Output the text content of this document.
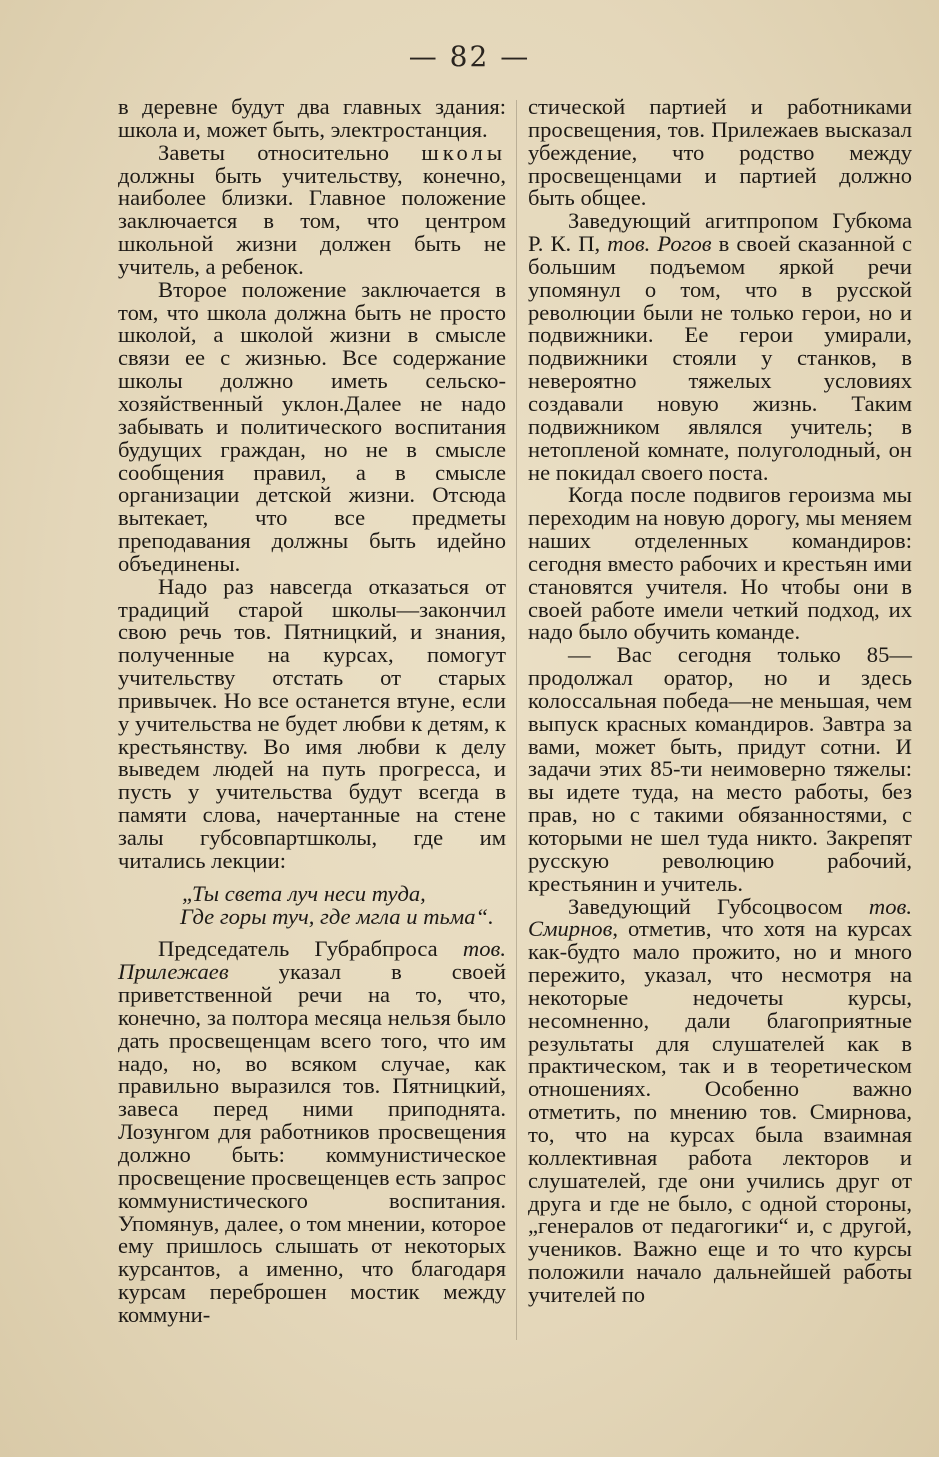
— 82 —

в деревне будут два главных здания: школа и, может быть, электростанция.

Заветы относительно школы должны быть учительству, конечно, наиболее близки. Главное положение заключается в том, что центром школьной жизни должен быть не учитель, а ребенок.

Второе положение заключается в том, что школа должна быть не просто школой, а школой жизни в смысле связи ее с жизнью. Все содержание школы должно иметь сельско-хозяйственный уклон.Далее не надо забывать и политического воспитания будущих граждан, но не в смысле сообщения правил, а в смысле организации детской жизни. Отсюда вытекает, что все предметы преподавания должны быть идейно объединены.

Надо раз навсегда отказаться от традиций старой школы—закончил свою речь тов. Пятницкий, и знания, полученные на курсах, помогут учительству отстать от старых привычек. Но все останется втуне, если у учительства не будет любви к детям, к крестьянству. Во имя любви к делу выведем людей на путь прогресса, и пусть у учительства будут всегда в памяти слова, начертанные на стене залы губсовпартшколы, где им читались лекции:

„Ты света луч неси туда,
Где горы туч, где мгла и тьма“.

Председатель Губрабпроса тов. Прилежаев указал в своей приветственной речи на то, что, конечно, за полтора месяца нельзя было дать просвещенцам всего того, что им надо, но, во всяком случае, как правильно выразился тов. Пятницкий, завеса перед ними приподнята. Лозунгом для работников просвещения должно быть: коммунистическое просвещение просвещенцев есть запрос коммунистического воспитания. Упомянув, далее, о том мнении, которое ему пришлось слышать от некоторых курсантов, а именно, что благодаря курсам переброшен мостик между коммуни-

стической партией и работниками просвещения, тов. Прилежаев высказал убеждение, что родство между просвещенцами и партией должно быть общее.

Заведующий агитпропом Губкома Р. К. П, тов. Рогов в своей сказанной с большим подъемом яркой речи упомянул о том, что в русской революции были не только герои, но и подвижники. Ее герои умирали, подвижники стояли у станков, в невероятно тяжелых условиях создавали новую жизнь. Таким подвижником являлся учитель; в нетопленой комнате, полуголодный, он не покидал своего поста.

Когда после подвигов героизма мы переходим на новую дорогу, мы меняем наших отделенных командиров: сегодня вместо рабочих и крестьян ими становятся учителя. Но чтобы они в своей работе имели четкий подход, их надо было обучить команде.

— Вас сегодня только 85—продолжал оратор, но и здесь колоссальная победа—не меньшая, чем выпуск красных командиров. Завтра за вами, может быть, придут сотни. И задачи этих 85-ти неимоверно тяжелы: вы идете туда, на место работы, без прав, но с такими обязанностями, с которыми не шел туда никто. Закрепят русскую революцию рабочий, крестьянин и учитель.

Заведующий Губсоцвосом тов. Смирнов, отметив, что хотя на курсах как-будто мало прожито, но и много пережито, указал, что несмотря на некоторые недочеты курсы, несомненно, дали благоприятные результаты для слушателей как в практическом, так и в теоретическом отношениях. Особенно важно отметить, по мнению тов. Смирнова, то, что на курсах была взаимная коллективная работа лекторов и слушателей, где они учились друг от друга и где не было, с одной стороны, „генералов от педагогики“ и, с другой, учеников. Важно еще и то что курсы положили начало дальнейшей работы учителей по
